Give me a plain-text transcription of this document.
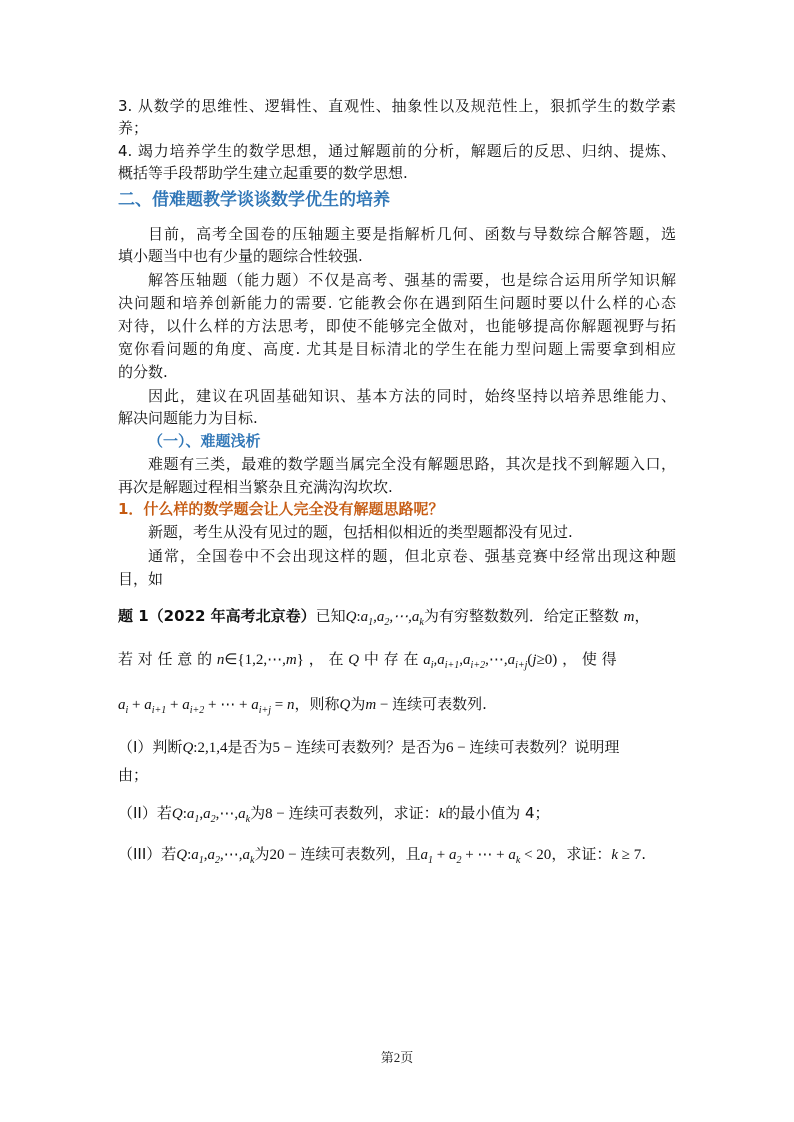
3. 从数学的思维性、逻辑性、直观性、抽象性以及规范性上，狠抓学生的数学素
养；
4. 竭力培养学生的数学思想，通过解题前的分析，解题后的反思、归纳、提炼、
概括等手段帮助学生建立起重要的数学思想.
二、借难题教学谈谈数学优生的培养
目前，高考全国卷的压轴题主要是指解析几何、函数与导数综合解答题，选
填小题当中也有少量的题综合性较强.
解答压轴题（能力题）不仅是高考、强基的需要，也是综合运用所学知识解
决问题和培养创新能力的需要. 它能教会你在遇到陌生问题时要以什么样的心态
对待，以什么样的方法思考，即使不能够完全做对，也能够提高你解题视野与拓
宽你看问题的角度、高度. 尤其是目标清北的学生在能力型问题上需要拿到相应
的分数.
因此，建议在巩固基础知识、基本方法的同时，始终坚持以培养思维能力、
解决问题能力为目标.
（一）、难题浅析
难题有三类，最难的数学题当属完全没有解题思路，其次是找不到解题入口，
再次是解题过程相当繁杂且充满沟沟坎坎.
1．什么样的数学题会让人完全没有解题思路呢？
新题，考生从没有见过的题，包括相似相近的类型题都没有见过.
通常，全国卷中不会出现这样的题，但北京卷、强基竞赛中经常出现这种题
目，如
题 1（2022 年高考北京卷）已知$Q:a_1,a_2,\cdots,a_k$为有穷整数数列．给定正整数 m，
若 对 任 意 的 n∈{1,2,⋯,m} ， 在 Q 中 存 在 $a_i,a_{i+1},a_{i+2},\cdots,a_{i+j}(j\ge 0)$ ， 使 得
$a_i + a_{i+1} + a_{i+2}$ + ⋯ + $a_{i+j} = n$，则称Q为m − 连续可表数列.
（I）判断Q:2,1,4是否为5 − 连续可表数列？是否为6 − 连续可表数列？说明理
由；
（II）若$Q:a_1,a_2,\cdots,a_k$为8 − 连续可表数列，求证：k的最小值为 4；
（III）若$Q:a_1,a_2,\cdots,a_k$为20 − 连续可表数列，且$a_1 + a_2$ + ⋯ + $a_k < 20$，求证：k ≥ 7.
第2页
